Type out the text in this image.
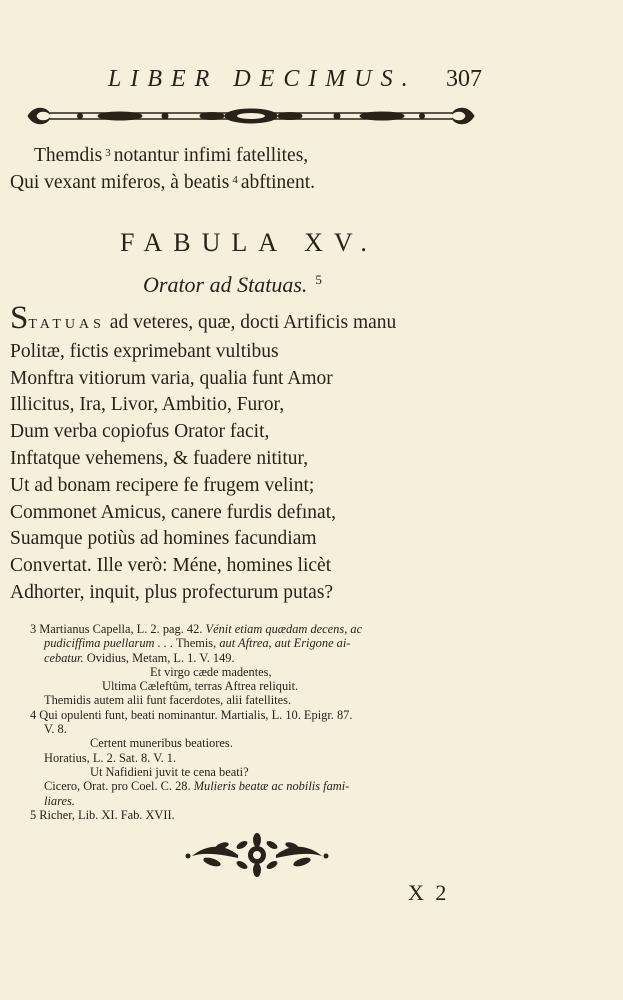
LIBER DECIMUS. 307
Themdis $^3$ notantur infimi fatellites,
Qui vexant miferos, à beatis $^4$ abftinent.
FABULA XV.
Orator ad Statuas. $^5$
STATUAS ad veteres, quæ, docti Artificis manu
Politæ, fictis exprimebant vultibus
Monftra vitiorum varia, qualia funt Amor
Illicitus, Ira, Livor, Ambitio, Furor,
Dum verba copiofus Orator facit,
Inftatque vehemens, & fuadere nititur,
Ut ad bonam recipere fe frugem velint;
Commonet Amicus, canere furdis defınat,
Suamque potiùs ad homines facundiam
Convertat. Ille verò: Méne, homines licèt
Adhorter, inquit, plus profecturum putas?
3 Martianus Capella, L. 2. pag. 42. Vénit etiam quædam decens, ac
pudiciffima puellarum . . . Themis, aut Aftrea, aut Erigone ai-
cebatur. Ovidius, Metam, L. 1. V. 149.
Et virgo cæde madentes,
Ultima Cæleftûm, terras Aftrea reliquit.
Themidis autem alii funt facerdotes, alii fatellites.
4 Qui opulenti funt, beati nominantur. Martialis, L. 10. Epigr. 87.
V. 8.
Certent muneribus beatiores.
Horatius, L. 2. Sat. 8. V. 1.
Ut Nafidieni juvit te cena beati?
Cicero, Orat. pro Coel. C. 28. Mulieris beatæ ac nobilis fami-
liares.
5 Richer, Lib. XI. Fab. XVII.
X 2
